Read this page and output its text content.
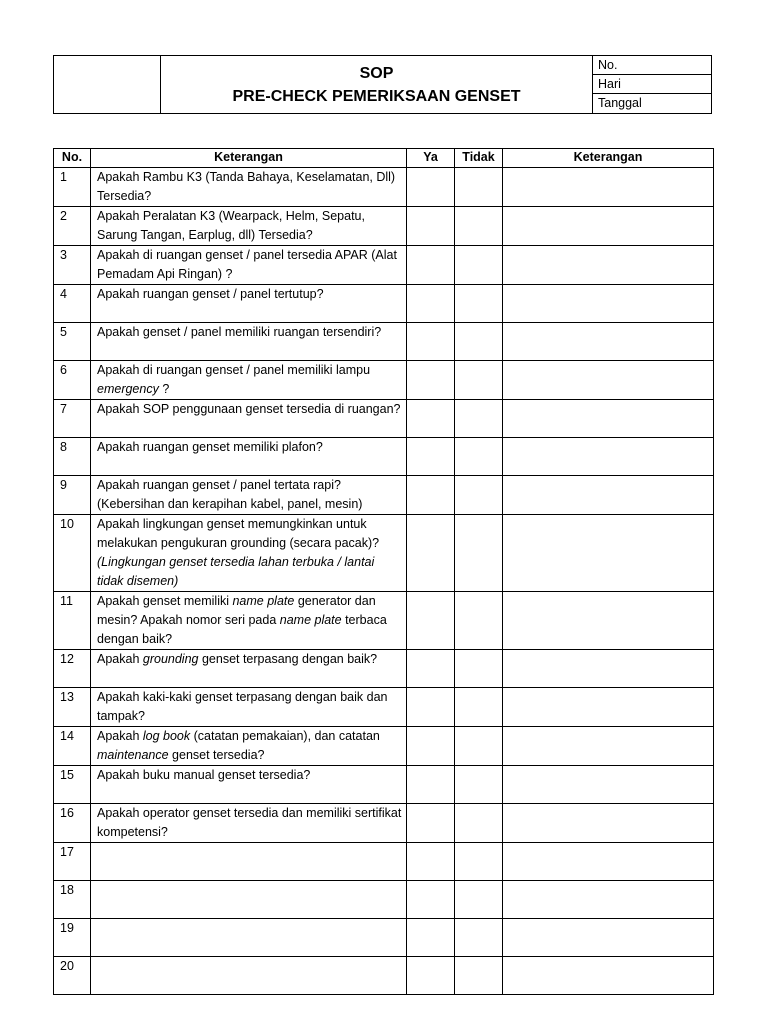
SOP
PRE-CHECK PEMERIKSAAN GENSET
No.
Hari
Tanggal
No.	Keterangan	Ya	Tidak	Keterangan
1	Apakah Rambu K3 (Tanda Bahaya, Keselamatan, Dll) Tersedia?			
2	Apakah Peralatan K3 (Wearpack, Helm, Sepatu, Sarung Tangan, Earplug, dll) Tersedia?			
3	Apakah di ruangan genset / panel tersedia APAR (Alat Pemadam Api Ringan) ?			
4	Apakah ruangan genset / panel tertutup?			
5	Apakah genset / panel memiliki ruangan tersendiri?			
6	Apakah di ruangan genset / panel memiliki lampu emergency ?			
7	Apakah SOP penggunaan genset tersedia di ruangan?			
8	Apakah ruangan genset memiliki plafon?			
9	Apakah ruangan genset / panel tertata rapi? (Kebersihan dan kerapihan kabel, panel, mesin)			
10	Apakah lingkungan genset memungkinkan untuk melakukan pengukuran grounding (secara pacak)? (Lingkungan genset tersedia lahan terbuka / lantai tidak disemen)			
11	Apakah genset memiliki name plate generator dan mesin? Apakah nomor seri pada name plate terbaca dengan baik?			
12	Apakah grounding genset terpasang dengan baik?			
13	Apakah kaki-kaki genset terpasang dengan baik dan tampak?			
14	Apakah log book (catatan pemakaian), dan catatan maintenance genset tersedia?			
15	Apakah buku manual genset tersedia?			
16	Apakah operator genset tersedia dan memiliki sertifikat kompetensi?			
17				
18				
19				
20				
